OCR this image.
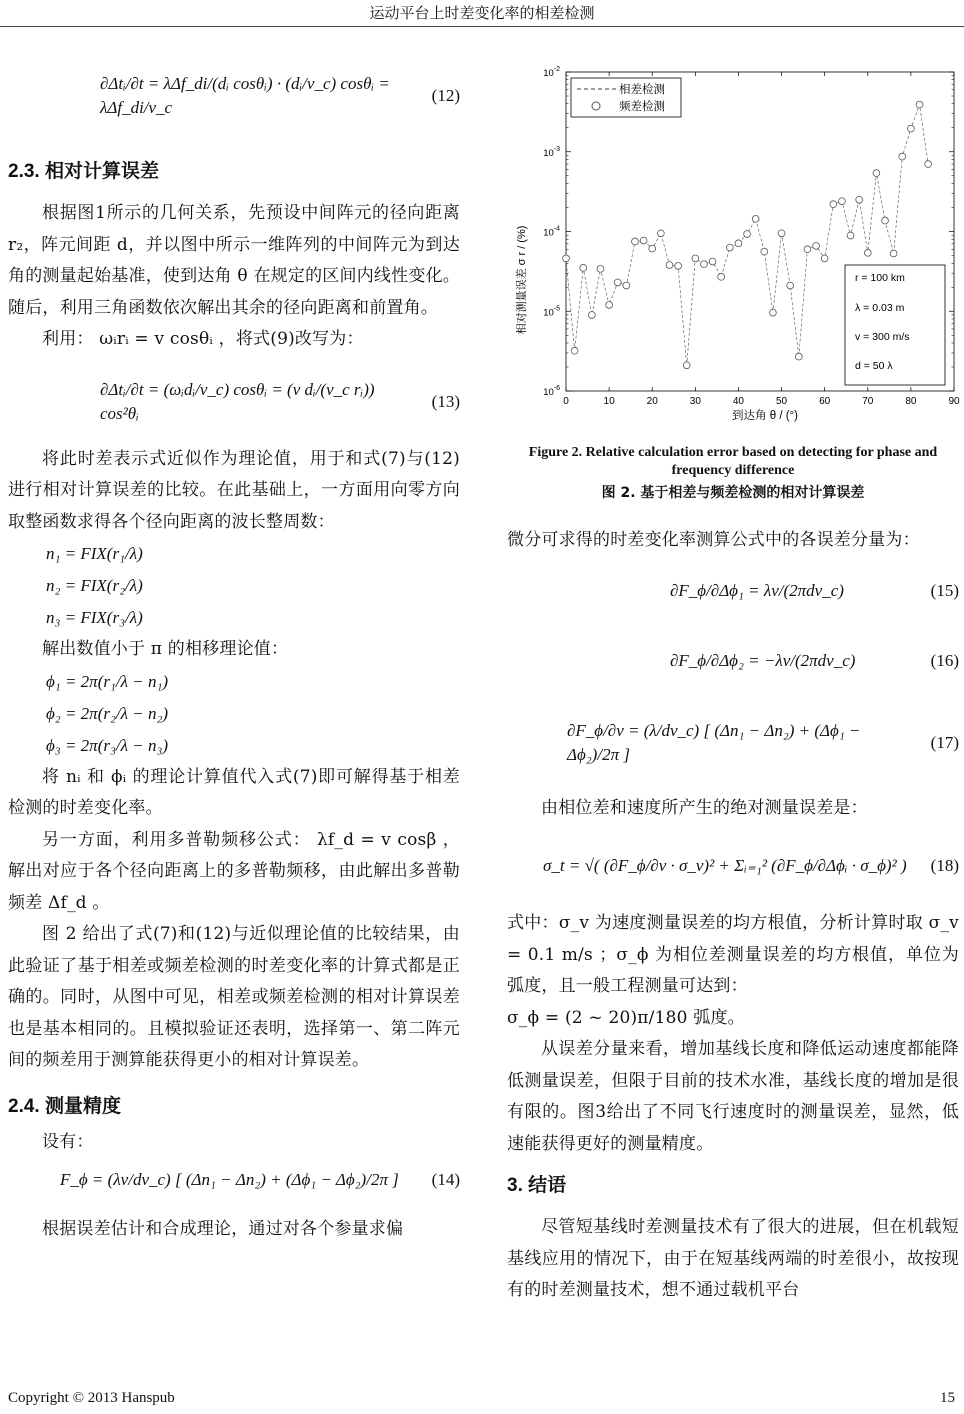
运动平台上时差变化率的相差检测
∂Δtᵢ/∂t = λΔf_di/(dᵢ cosθᵢ) · (dᵢ/v_c) cosθᵢ = λΔf_di/v_c
(12)
2.3. 相对计算误差
根据图1所示的几何关系，先预设中间阵元的径向距离 r₂，阵元间距 d，并以图中所示一维阵列的中间阵元为到达角的测量起始基准，使到达角 θ 在规定的区间内线性变化。随后，利用三角函数依次解出其余的径向距离和前置角。
利用： ωᵢrᵢ = v cosθᵢ ，将式(9)改写为：
∂Δtᵢ/∂t = (ωᵢdᵢ/v_c) cosθᵢ = (v dᵢ/(v_c rᵢ)) cos²θᵢ
(13)
将此时差表示式近似作为理论值，用于和式(7)与(12)进行相对计算误差的比较。在此基础上，一方面用向零方向取整函数求得各个径向距离的波长整周数：
n₁ = FIX(r₁/λ)
n₂ = FIX(r₂/λ)
n₃ = FIX(r₃/λ)
解出数值小于 π 的相移理论值：
ϕ₁ = 2π(r₁/λ − n₁)
ϕ₂ = 2π(r₂/λ − n₂)
ϕ₃ = 2π(r₃/λ − n₃)
将 nᵢ 和 ϕᵢ 的理论计算值代入式(7)即可解得基于相差检测的时差变化率。
另一方面，利用多普勒频移公式： λf_d = v cosβ ，解出对应于各个径向距离上的多普勒频移，由此解出多普勒频差 Δf_d 。
图 2 给出了式(7)和(12)与近似理论值的比较结果，由此验证了基于相差或频差检测的时差变化率的计算式都是正确的。同时，从图中可见，相差或频差检测的相对计算误差也是基本相同的。且模拟验证还表明，选择第一、第二阵元间的频差用于测算能获得更小的相对计算误差。
2.4. 测量精度
设有：
F_ϕ = (λv/dv_c) [ (Δn₁ − Δn₂) + (Δϕ₁ − Δϕ₂)/2π ]	(14)
根据误差估计和合成理论，通过对各个参量求偏
0	10	20	30	40	50	60	70	80	90
$10^{-6}$
$10^{-5}$
$10^{-4}$
$10^{-3}$
$10^{-2}$
到达角 θ / (°)
相对测量误差 σ r / (%)
相差检测
频差检测
r = 100 km
λ = 0.03 m
v = 300 m/s
d = 50 λ
Figure 2. Relative calculation error based on detecting for phase and frequency difference
图 2. 基于相差与频差检测的相对计算误差
微分可求得的时差变化率测算公式中的各误差分量为：
∂F_ϕ/∂Δϕ₁ = λv/(2πdv_c)	(15)
∂F_ϕ/∂Δϕ₂ = −λv/(2πdv_c)	(16)
∂F_ϕ/∂v = (λ/dv_c) [ (Δn₁ − Δn₂) + (Δϕ₁ − Δϕ₂)/2π ]
(17)
由相位差和速度所产生的绝对测量误差是：
σ_t = √( (∂F_ϕ/∂v · σ_v)² + Σᵢ₌₁² (∂F_ϕ/∂Δϕᵢ · σ_ϕ)² )	(18)
式中：σ_v 为速度测量误差的均方根值，分析计算时取 σ_v = 0.1 m/s ；σ_ϕ 为相位差测量误差的均方根值，单位为弧度，且一般工程测量可达到：
σ_ϕ = (2 ~ 20)π/180 弧度。
从误差分量来看，增加基线长度和降低运动速度都能降低测量误差，但限于目前的技术水准，基线长度的增加是很有限的。图3给出了不同飞行速度时的测量误差，显然，低速能获得更好的测量精度。
3. 结语
尽管短基线时差测量技术有了很大的进展，但在机载短基线应用的情况下，由于在短基线两端的时差很小，故按现有的时差测量技术，想不通过载机平台
Copyright © 2013 Hanspub	15
